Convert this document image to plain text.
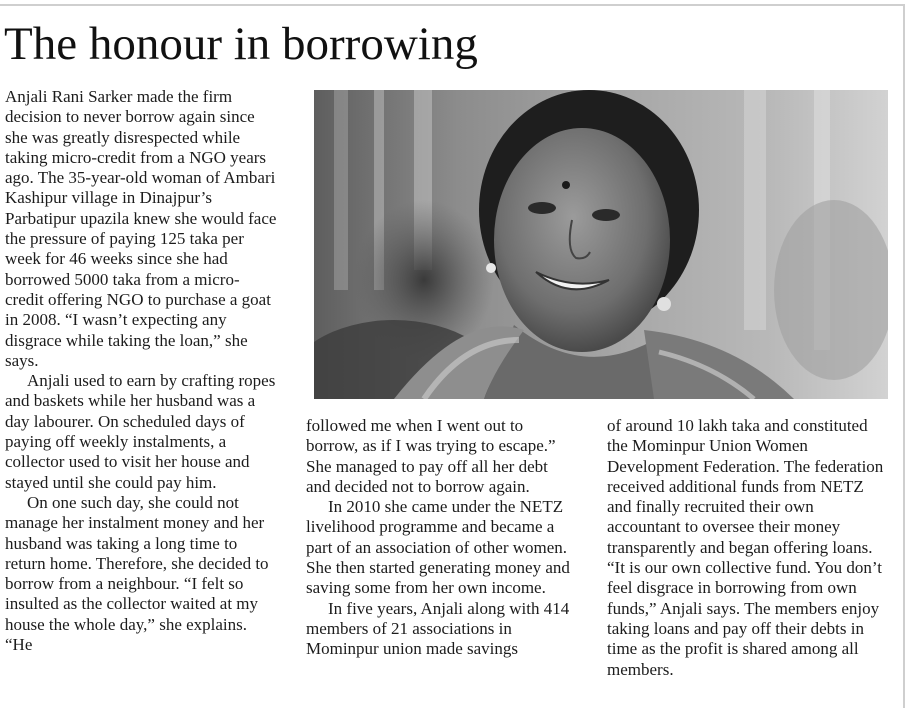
The honour in borrowing

Anjali Rani Sarker made the firm decision to never borrow again since she was greatly disrespected while taking micro-credit from a NGO years ago. The 35-year-old woman of Ambari Kashipur village in Dinajpur’s Parbatipur upazila knew she would face the pressure of paying 125 taka per week for 46 weeks since she had borrowed 5000 taka from a micro-credit offering NGO to purchase a goat in 2008. “I wasn’t expecting any disgrace while taking the loan,” she says.

Anjali used to earn by crafting ropes and baskets while her husband was a day labourer. On scheduled days of paying off weekly instalments, a collector used to visit her house and stayed until she could pay him.

On one such day, she could not manage her instalment money and her husband was taking a long time to return home. Therefore, she decided to borrow from a neighbour. “I felt so insulted as the collector waited at my house the whole day,” she explains. “He

followed me when I went out to borrow, as if I was trying to escape.” She managed to pay off all her debt and decided not to borrow again.

In 2010 she came under the NETZ livelihood programme and became a part of an association of other women. She then started generating money and saving some from her own income.

In five years, Anjali along with 414 members of 21 associations in Mominpur union made savings

of around 10 lakh taka and constituted the Mominpur Union Women Development Federation. The federation received additional funds from NETZ and finally recruited their own accountant to oversee their money transparently and began offering loans. “It is our own collective fund. You don’t feel disgrace in borrowing from own funds,” Anjali says. The members enjoy taking loans and pay off their debts in time as the profit is shared among all members.
